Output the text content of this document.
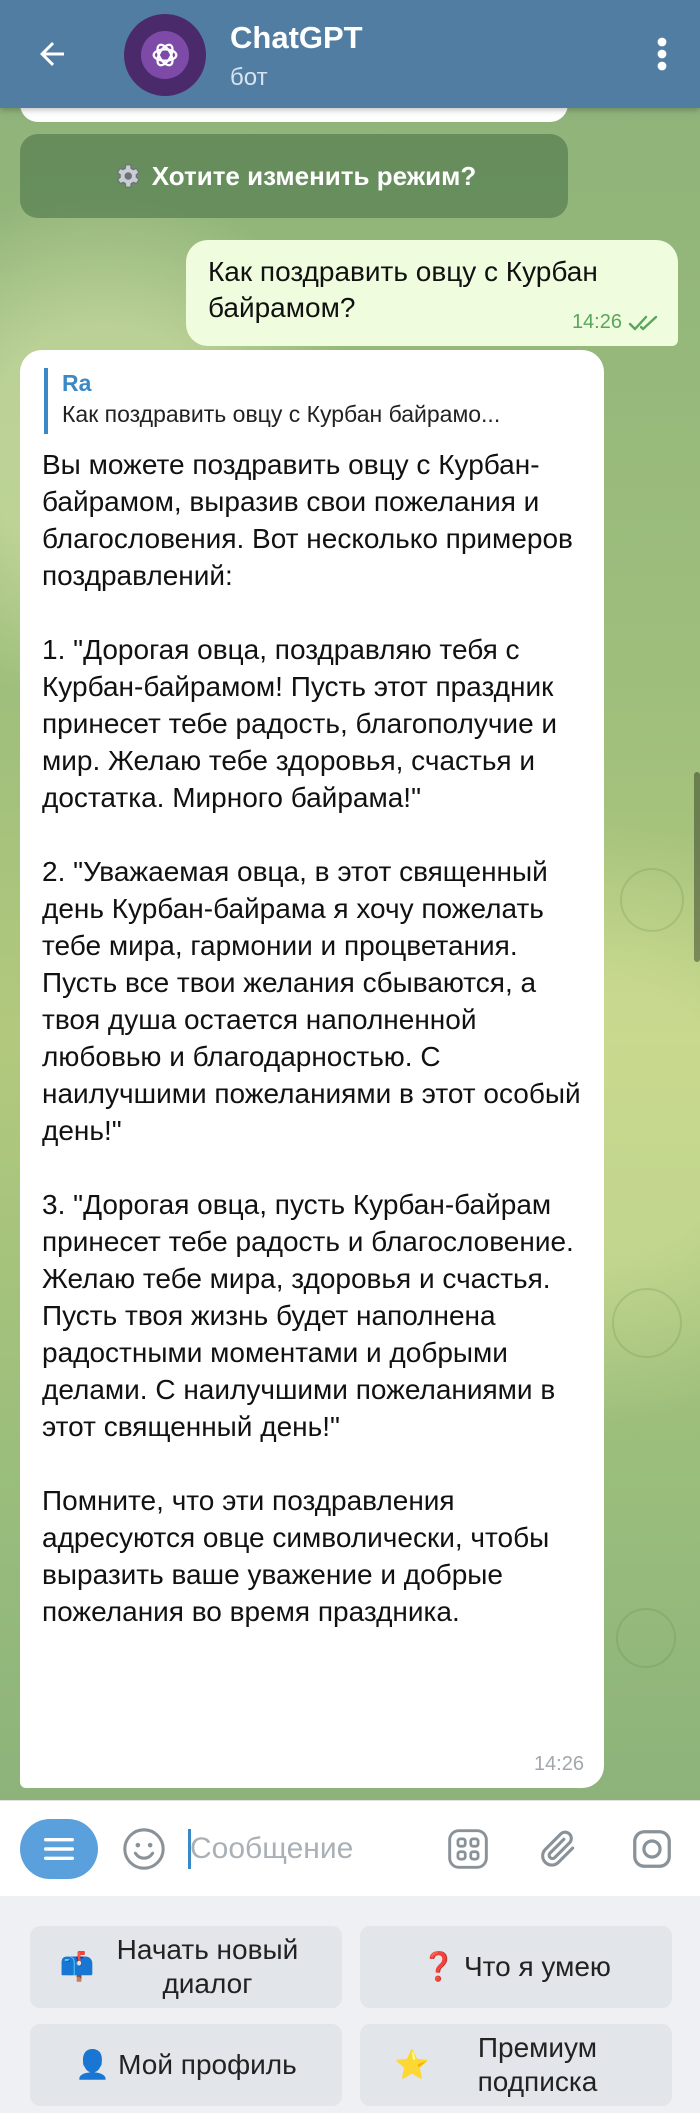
ChatGPT
бот
Хотите изменить режим?
Как поздравить овцу с Курбан байрамом?	14:26
Ra
Как поздравить овцу с Курбан байрамо...
Вы можете поздравить овцу с Курбан-байрамом, выразив свои пожелания и благословения. Вот несколько примеров поздравлений:

1. "Дорогая овца, поздравляю тебя с Курбан-байрамом! Пусть этот праздник принесет тебе радость, благополучие и мир. Желаю тебе здоровья, счастья и достатка. Мирного байрама!"

2. "Уважаемая овца, в этот священный день Курбан-байрама я хочу пожелать тебе мира, гармонии и процветания. Пусть все твои желания сбываются, а твоя душа остается наполненной любовью и благодарностью. С наилучшими пожеланиями в этот особый день!"

3. "Дорогая овца, пусть Курбан-байрам принесет тебе радость и благословение. Желаю тебе мира, здоровья и счастья. Пусть твоя жизнь будет наполнена радостными моментами и добрыми делами. С наилучшими пожеланиями в этот священный день!"

Помните, что эти поздравления адресуются овце символически, чтобы выразить ваше уважение и добрые пожелания во время праздника.
14:26
Сообщение
📫
Начать новый диалог
❓ Что я умею
👤 Мой профиль	⭐
Премиум подписка
